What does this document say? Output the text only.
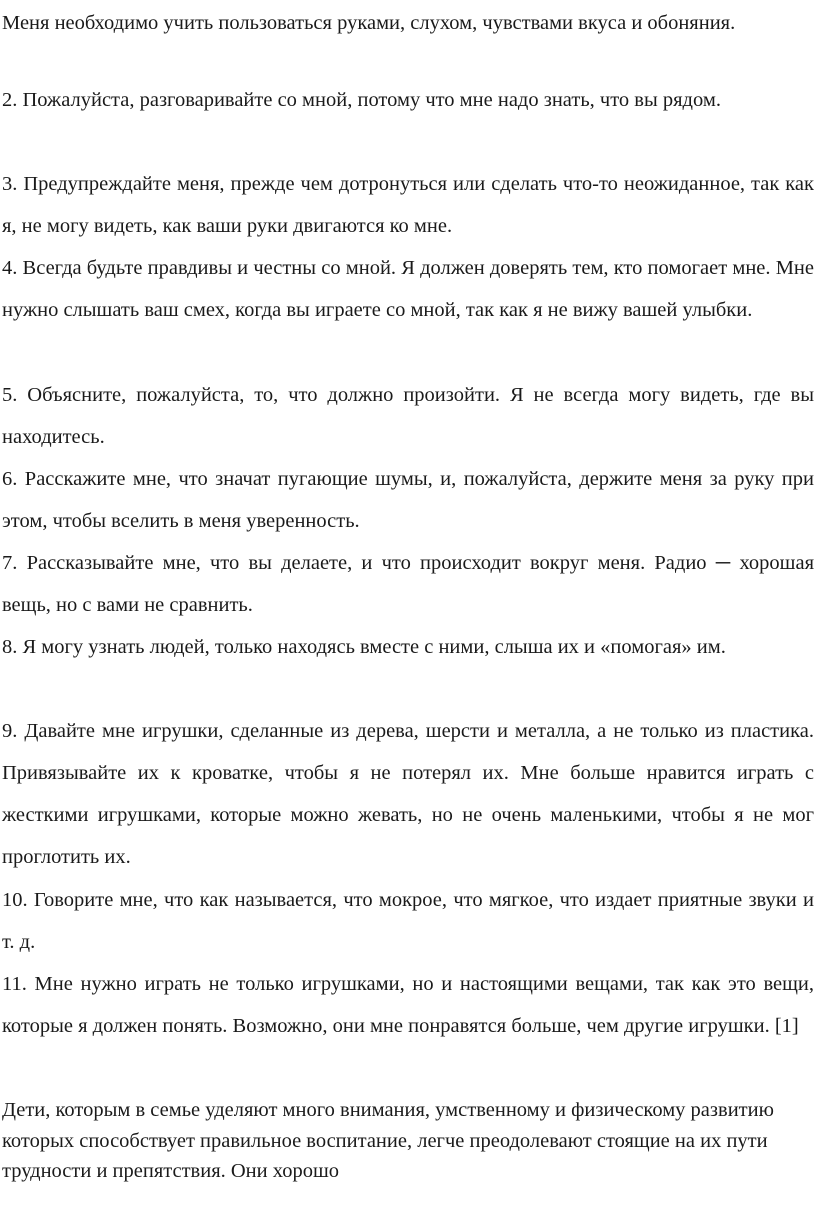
Меня необходимо учить пользоваться руками, слухом, чувствами вкуса и обоняния.

2. Пожалуйста, разговаривайте со мной, потому что мне надо знать, что вы рядом.

3. Предупреждайте меня, прежде чем дотронуться или сделать что-то неожиданное, так как я, не могу видеть, как ваши руки двигаются ко мне.

4. Всегда будьте правдивы и честны со мной. Я должен доверять тем, кто помогает мне. Мне нужно слышать ваш смех, когда вы играете со мной, так как я не вижу вашей улыбки.

5. Объясните, пожалуйста, то, что должно произойти. Я не всегда могу видеть, где вы находитесь.

6. Расскажите мне, что значат пугающие шумы, и, пожалуйста, держите меня за руку при этом, чтобы вселить в меня уверенность.

7. Рассказывайте мне, что вы делаете, и что происходит вокруг меня. Радио ─ хорошая вещь, но с вами не сравнить.

8. Я могу узнать людей, только находясь вместе с ними, слыша их и «помогая» им.

9. Давайте мне игрушки, сделанные из дерева, шерсти и металла, а не только из пластика. Привязывайте их к кроватке, чтобы я не потерял их. Мне больше нравится играть с жесткими игрушками, которые можно жевать, но не очень маленькими, чтобы я не мог проглотить их.

10. Говорите мне, что как называется, что мокрое, что мягкое, что издает приятные звуки и т. д.

11. Мне нужно играть не только игрушками, но и настоящими вещами, так как это вещи, которые я должен понять. Возможно, они мне понравятся больше, чем другие игрушки. [1]

Дети, которым в семье уделяют много внимания, умственному и физическому развитию которых способствует правильное воспитание, легче преодолевают стоящие на их пути трудности и препятствия. Они хорошо
